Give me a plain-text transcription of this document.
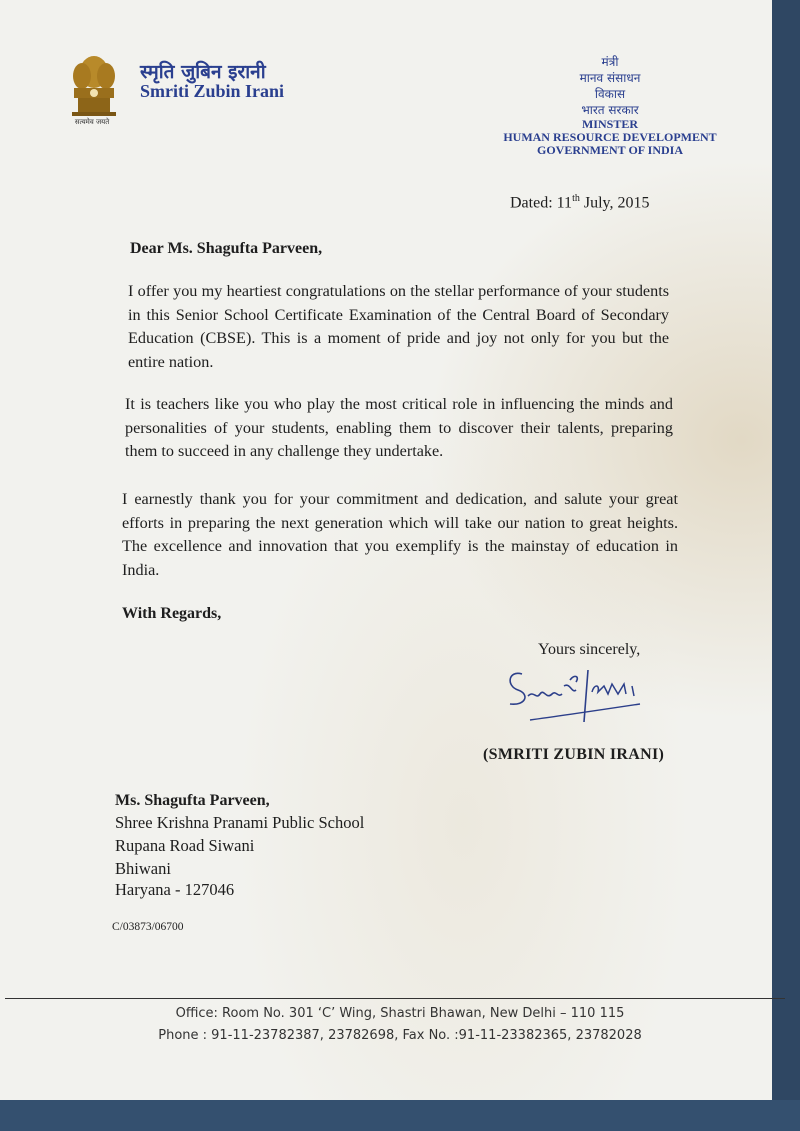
सत्यमेव जयते
स्मृति जुबिन इरानी
Smriti Zubin Irani
मंत्री
मानव संसाधन
विकास
भारत सरकार
MINSTER
HUMAN RESOURCE DEVELOPMENT
GOVERNMENT OF INDIA
Dated: 11th July, 2015
Dear Ms. Shagufta Parveen,
I offer you my heartiest congratulations on the stellar performance of your students in this Senior School Certificate Examination of the Central Board of Secondary Education (CBSE). This is a moment of pride and joy not only for you but the entire nation.
It is teachers like you who play the most critical role in influencing the minds and personalities of your students, enabling them to discover their talents, preparing them to succeed in any challenge they undertake.
I earnestly thank you for your commitment and dedication, and salute your great efforts in preparing the next generation which will take our nation to great heights. The excellence and innovation that you exemplify is the mainstay of education in India.
With Regards,
Yours sincerely,
(SMRITI ZUBIN IRANI)
Ms. Shagufta Parveen,
Shree Krishna Pranami Public School
Rupana Road Siwani
Bhiwani
Haryana - 127046
C/03873/06700
Office: Room No. 301 ‘C’ Wing, Shastri Bhawan, New Delhi – 110 115
Phone : 91-11-23782387, 23782698, Fax No. :91-11-23382365, 23782028
